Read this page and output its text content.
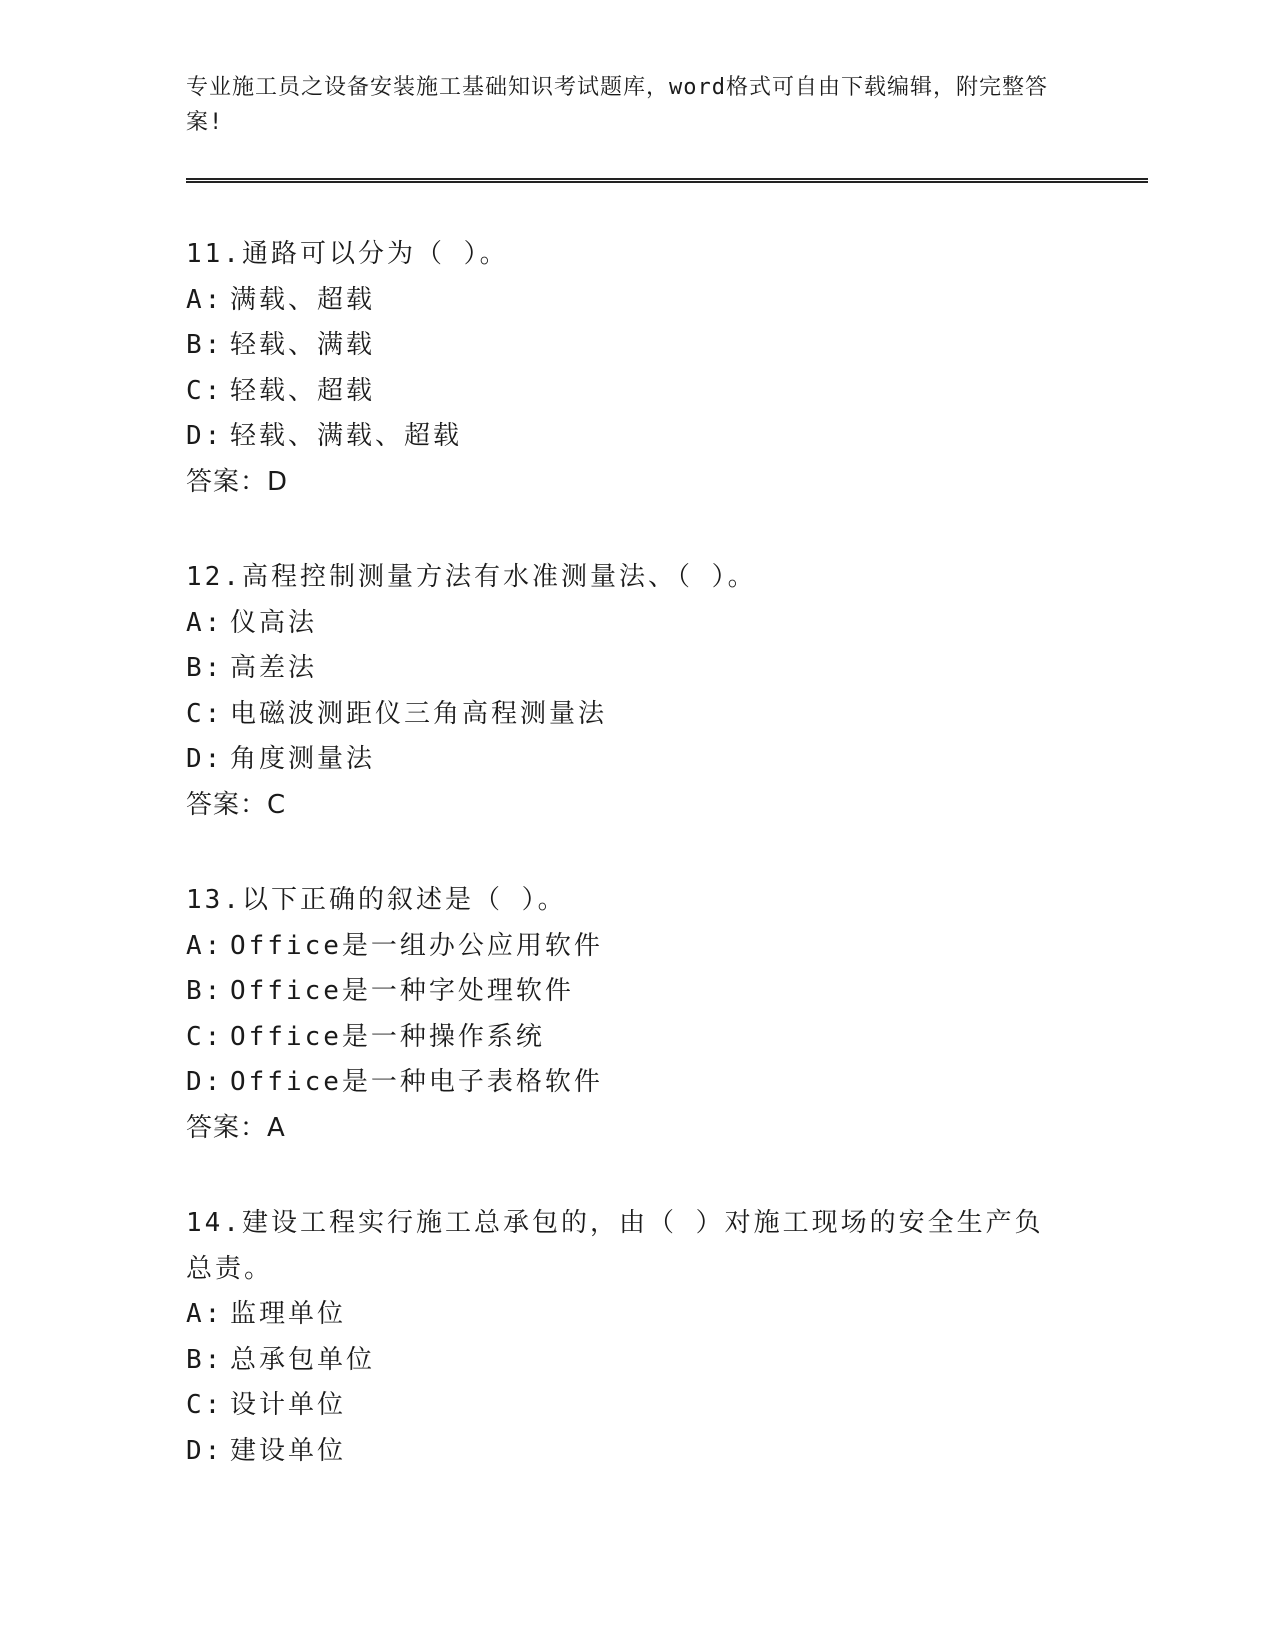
专业施工员之设备安装施工基础知识考试题库，word格式可自由下载编辑，附完整答案!
11.通路可以分为（ ）。
A: 满载、超载
B: 轻载、满载
C: 轻载、超载
D: 轻载、满载、超载
答案：D
12.高程控制测量方法有水准测量法、（ ）。
A: 仪高法
B: 高差法
C: 电磁波测距仪三角高程测量法
D: 角度测量法
答案：C
13.以下正确的叙述是（ ）。
A: Office是一组办公应用软件
B: Office是一种字处理软件
C: Office是一种操作系统
D: Office是一种电子表格软件
答案：A
14.建设工程实行施工总承包的，由（ ）对施工现场的安全生产负总责。
A: 监理单位
B: 总承包单位
C: 设计单位
D: 建设单位
